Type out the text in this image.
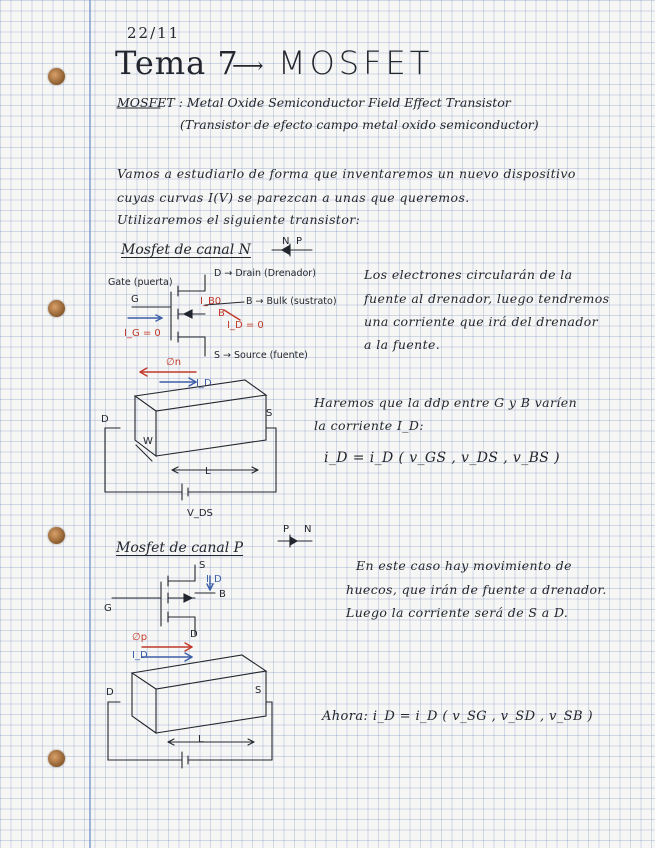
22/11
Tema 7
⟶ MOSFET
MOSFET : Metal Oxide Semiconductor Field Effect Transistor
(Transistor de efecto campo metal oxido semiconductor)
Vamos a estudiarlo de forma que inventaremos un nuevo dispositivo
cuyas curvas I(V) se parezcan a unas que queremos.
Utilizaremos el siguiente transistor:
Mosfet de canal N
N P
Gate (puerta)
G
D → Drain (Drenador)
B → Bulk (sustrato)
S → Source (fuente)
B
I_B0
I_D = 0
I_G = 0
∅n
I_D
D
S
W
L
V_DS
Los electrones circularán de la
fuente al drenador, luego tendremos
una corriente que irá del drenador
a la fuente.
Haremos que la ddp entre G y B varíen
la corriente I_D:
i_D = i_D ( v_GS , v_DS , v_BS )
Mosfet de canal P
P N
S
I_D
B
G
D
∅p
I_D
D	S
L
En este caso hay movimiento de
huecos, que irán de fuente a drenador.
Luego la corriente será de S a D.
Ahora: i_D = i_D ( v_SG , v_SD , v_SB )
